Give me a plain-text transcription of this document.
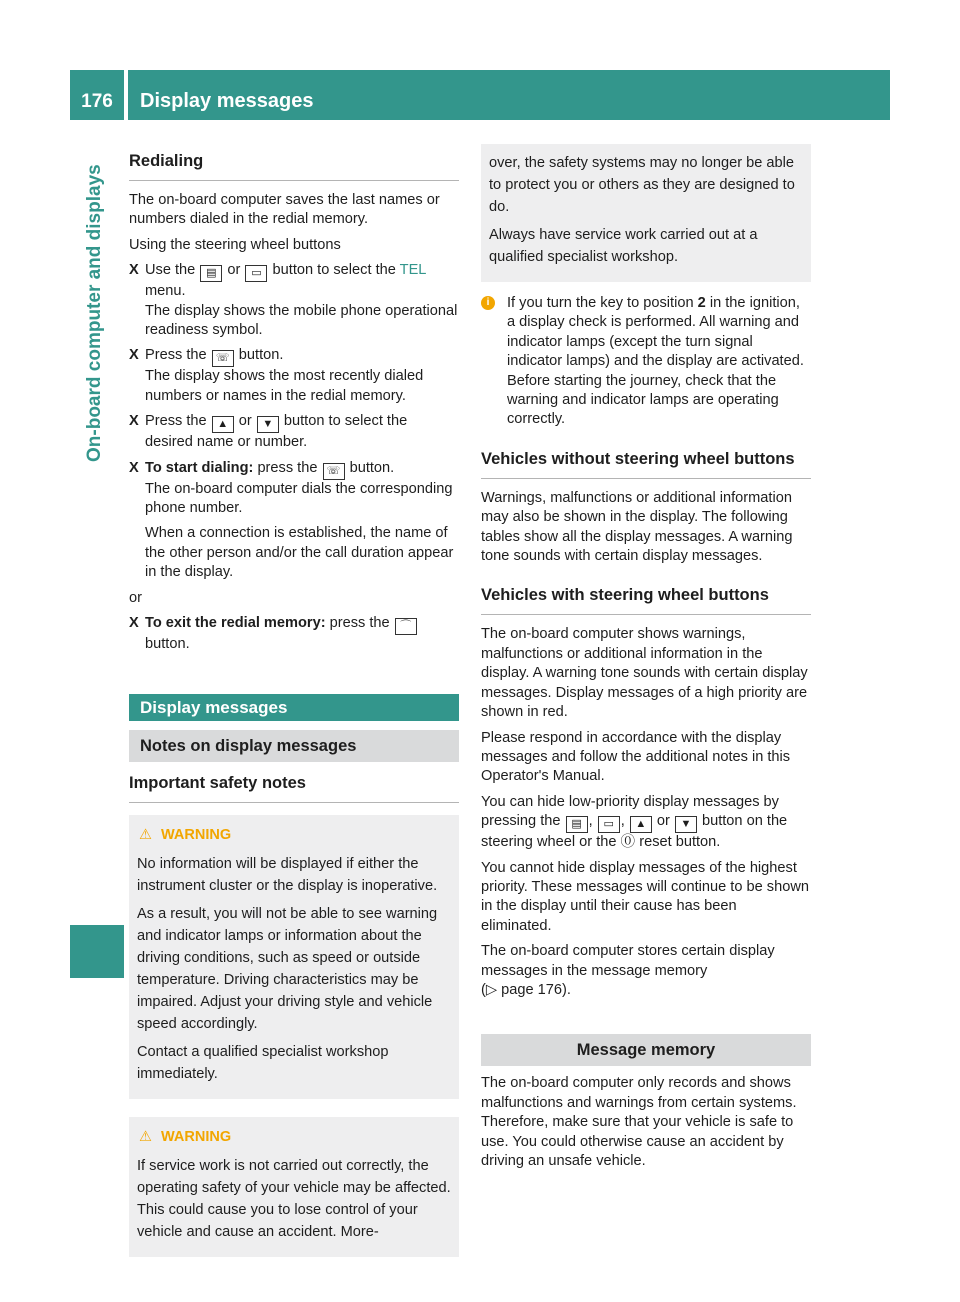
176	Display messages
On-board computer and displays
Redialing

The on-board computer saves the last names or numbers dialed in the redial memory.

Using the steering wheel buttons

X Use the ▤ or ▭ button to select the TEL menu.
The display shows the mobile phone operational readiness symbol.
X Press the ☏ button.
The display shows the most recently dialed numbers or names in the redial memory.
X Press the ▲ or ▼ button to select the desired name or number.
X To start dialing: press the ☏ button.
The on-board computer dials the corresponding phone number.
When a connection is established, the name of the other person and/or the call duration appear in the display.

or

X To exit the redial memory: press the ⌒
button.
Display messages
Notes on display messages
Important safety notes
⚠ WARNING

No information will be displayed if either the instrument cluster or the display is inoperative.

As a result, you will not be able to see warning and indicator lamps or information about the driving conditions, such as speed or outside temperature. Driving characteristics may be impaired. Adjust your driving style and vehicle speed accordingly.

Contact a qualified specialist workshop immediately.

⚠ WARNING

If service work is not carried out correctly, the operating safety of your vehicle may be affected. This could cause you to lose control of your vehicle and cause an accident. More-

over, the safety systems may no longer be able to protect you or others as they are designed to do.

Always have service work carried out at a qualified specialist workshop.

i	If you turn the key to position 2 in the ignition, a display check is performed. All warning and indicator lamps (except the turn signal indicator lamps) and the display are activated. Before starting the journey, check that the warning and indicator lamps are operating correctly.
Vehicles without steering wheel buttons

Warnings, malfunctions or additional information may also be shown in the display. The following tables show all the display messages. A warning tone sounds with certain display messages.

Vehicles with steering wheel buttons

The on-board computer shows warnings, malfunctions or additional information in the display. A warning tone sounds with certain display messages. Display messages of a high priority are shown in red.

Please respond in accordance with the display messages and follow the additional notes in this Operator's Manual.

You can hide low-priority display messages by pressing the ▤ , ▭ , ▲ or ▼ button on the steering wheel or the ⓪ reset button.

You cannot hide display messages of the highest priority. These messages will continue to be shown in the display until their cause has been eliminated.

The on-board computer stores certain display messages in the message memory
(▷ page 176).

Message memory

The on-board computer only records and shows malfunctions and warnings from certain systems. Therefore, make sure that your vehicle is safe to use. You could otherwise cause an accident by driving an unsafe vehicle.
